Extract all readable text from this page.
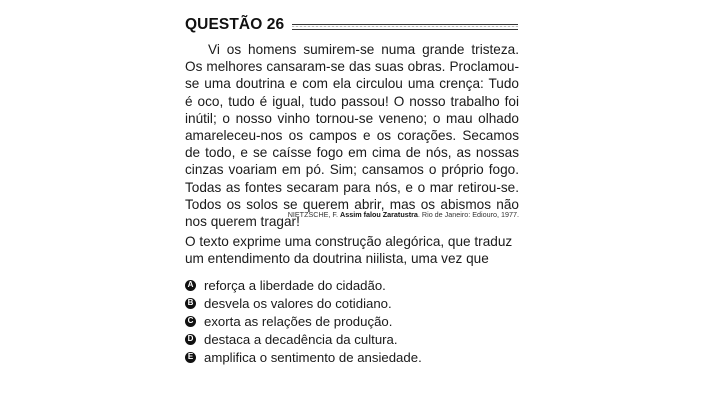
QUESTÃO 26

Vi os homens sumirem-se numa grande tristeza. Os melhores cansaram-se das suas obras. Proclamou-se uma doutrina e com ela circulou uma crença: Tudo é oco, tudo é igual, tudo passou! O nosso trabalho foi inútil; o nosso vinho tornou-se veneno; o mau olhado amareleceu-nos os campos e os corações. Secamos de todo, e se caísse fogo em cima de nós, as nossas cinzas voariam em pó. Sim; cansamos o próprio fogo. Todas as fontes secaram para nós, e o mar retirou-se. Todos os solos se querem abrir, mas os abismos não nos querem tragar!

NIETZSCHE, F. Assim falou Zaratustra. Rio de Janeiro: Ediouro, 1977.
O texto exprime uma construção alegórica, que traduz um entendimento da doutrina niilista, uma vez que
A reforça a liberdade do cidadão.
B desvela os valores do cotidiano.
C exorta as relações de produção.
D destaca a decadência da cultura.
E amplifica o sentimento de ansiedade.
